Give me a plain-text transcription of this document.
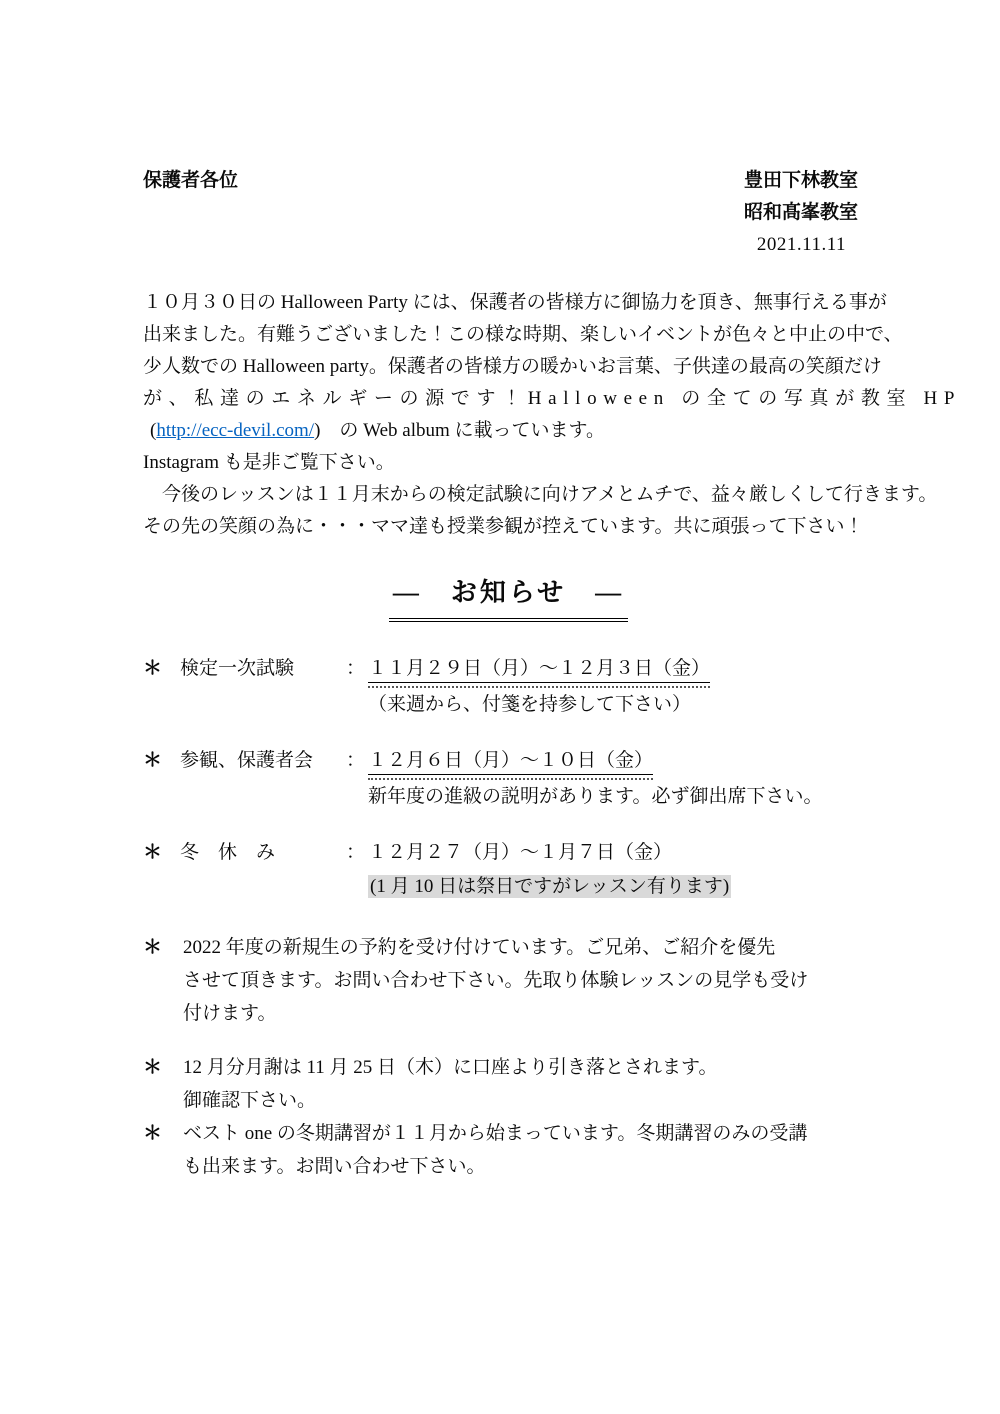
保護者各位	豊田下林教室
昭和髙峯教室
2021.11.11
１０月３０日の Halloween Party には、保護者の皆様方に御協力を頂き、無事行える事が
出来ました。有難うございました！この様な時期、楽しいイベントが色々と中止の中で、
少人数での Halloween party。保護者の皆様方の暖かいお言葉、子供達の最高の笑顔だけ
が、私達のエネルギーの源です！Halloween の全ての写真が教室 HP
(http://ecc-devil.com/)　の Web album に載っています。
Instagram も是非ご覧下さい。
　今後のレッスンは１１月末からの検定試験に向けアメとムチで、益々厳しくして行きます。
その先の笑顔の為に・・・ママ達も授業参観が控えています。共に頑張って下さい！
―　お知らせ　―
＊ 検定一次試験	： １１月２９日（月）～１２月３日（金）
（来週から、付箋を持参して下さい）
＊ 参観、保護者会	： １２月６日（月）～１０日（金）
新年度の進級の説明があります。必ず御出席下さい。
＊ 冬　休　み	： １２月２７（月）～１月７日（金）
(1 月 10 日は祭日ですがレッスン有ります)
＊	2022 年度の新規生の予約を受け付けています。ご兄弟、ご紹介を優先
させて頂きます。お問い合わせ下さい。先取り体験レッスンの見学も受け
付けます。
＊	12 月分月謝は 11 月 25 日（木）に口座より引き落とされます。
御確認下さい。
＊	ベスト one の冬期講習が１１月から始まっています。冬期講習のみの受講
も出来ます。お問い合わせ下さい。
